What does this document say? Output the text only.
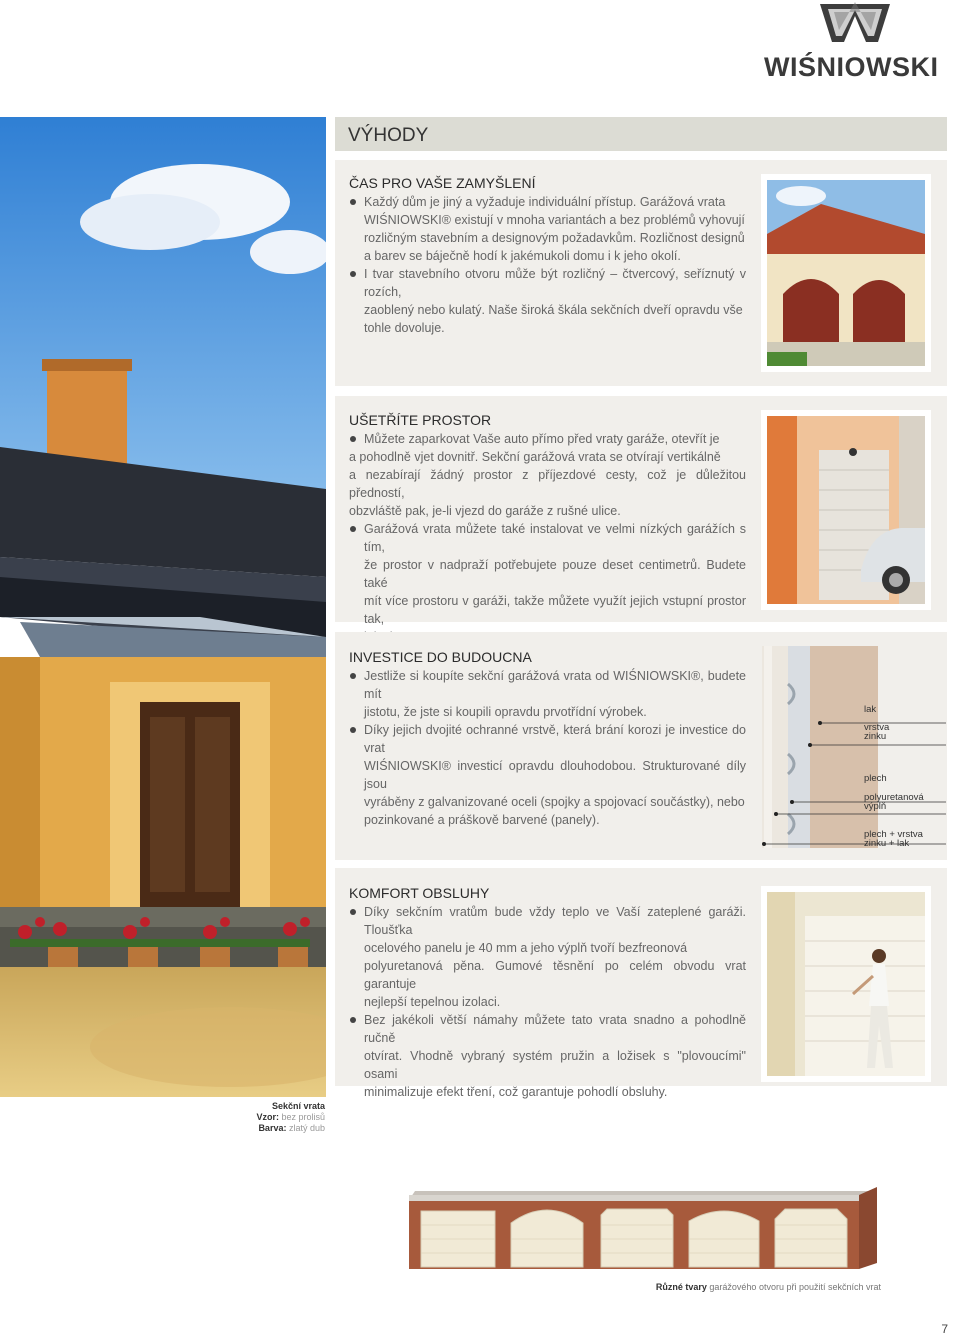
WIŚNIOWSKI
Sekční vrata
Vzor: bez prolisů
Barva: zlatý dub
VÝHODY
ČAS PRO VAŠE ZAMYŠLENÍ
Každý dům je jiný a vyžaduje individuální přístup. Garážová vrata
WIŚNIOWSKI® existují v mnoha variantách a bez problémů vyhovují
rozličným stavebním a designovým požadavkům. Rozličnost designů
a barev se báječně hodí k jakémukoli domu i k jeho okolí.
I tvar stavebního otvoru může být rozličný – čtvercový, seříznutý v rozích,
zaoblený nebo kulatý. Naše široká škála sekčních dveří opravdu vše
tohle dovoluje.
UŠETŘÍTE PROSTOR
Můžete zaparkovat Vaše auto přímo před vraty garáže, otevřít je
a pohodlně vjet dovnitř. Sekční garážová vrata se otvírají vertikálně
a nezabírají žádný prostor z příjezdové cesty, což je důležitou předností,
obzvláště pak, je-li vjezd do garáže z rušné ulice.
Garážová vrata můžete také instalovat ve velmi nízkých garážích s tím,
že prostor v nadpraží potřebujete pouze deset centimetrů. Budete také
mít více prostoru v garáži, takže můžete využít jejich vstupní prostor tak,
INVESTICE DO BUDOUCNA
Jestliže si koupíte sekční garážová vrata od WIŚNIOWSKI®, budete mít
jistotu, že jste si koupili opravdu prvotřídní výrobek.
Díky jejich dvojité ochranné vrstvě, která brání korozi je investice do vrat
WIŚNIOWSKI® investicí opravdu dlouhodobou. Strukturované díly jsou
vyráběny z galvanizované oceli (spojky a spojovací součástky), nebo
pozinkované a práškově barvené (panely).
lak
vrstva zinku
plech
polyuretanová výplň
plech + vrstva zinku + lak
KOMFORT OBSLUHY
Díky sekčním vratům bude vždy teplo ve Vaší zateplené garáži. Tloušťka
ocelového panelu je 40 mm a jeho výplň tvoří bezfreonová
polyuretanová pěna. Gumové těsnění po celém obvodu vrat garantuje
nejlepší tepelnou izolaci.
Bez jakékoli větší námahy můžete tato vrata snadno a pohodlně ručně
otvírat. Vhodně vybraný systém pružin a ložisek s "plovoucími" osami
minimalizuje efekt tření, což garantuje pohodlí obsluhy.
Různé tvary garážového otvoru při použití sekčních vrat
7
